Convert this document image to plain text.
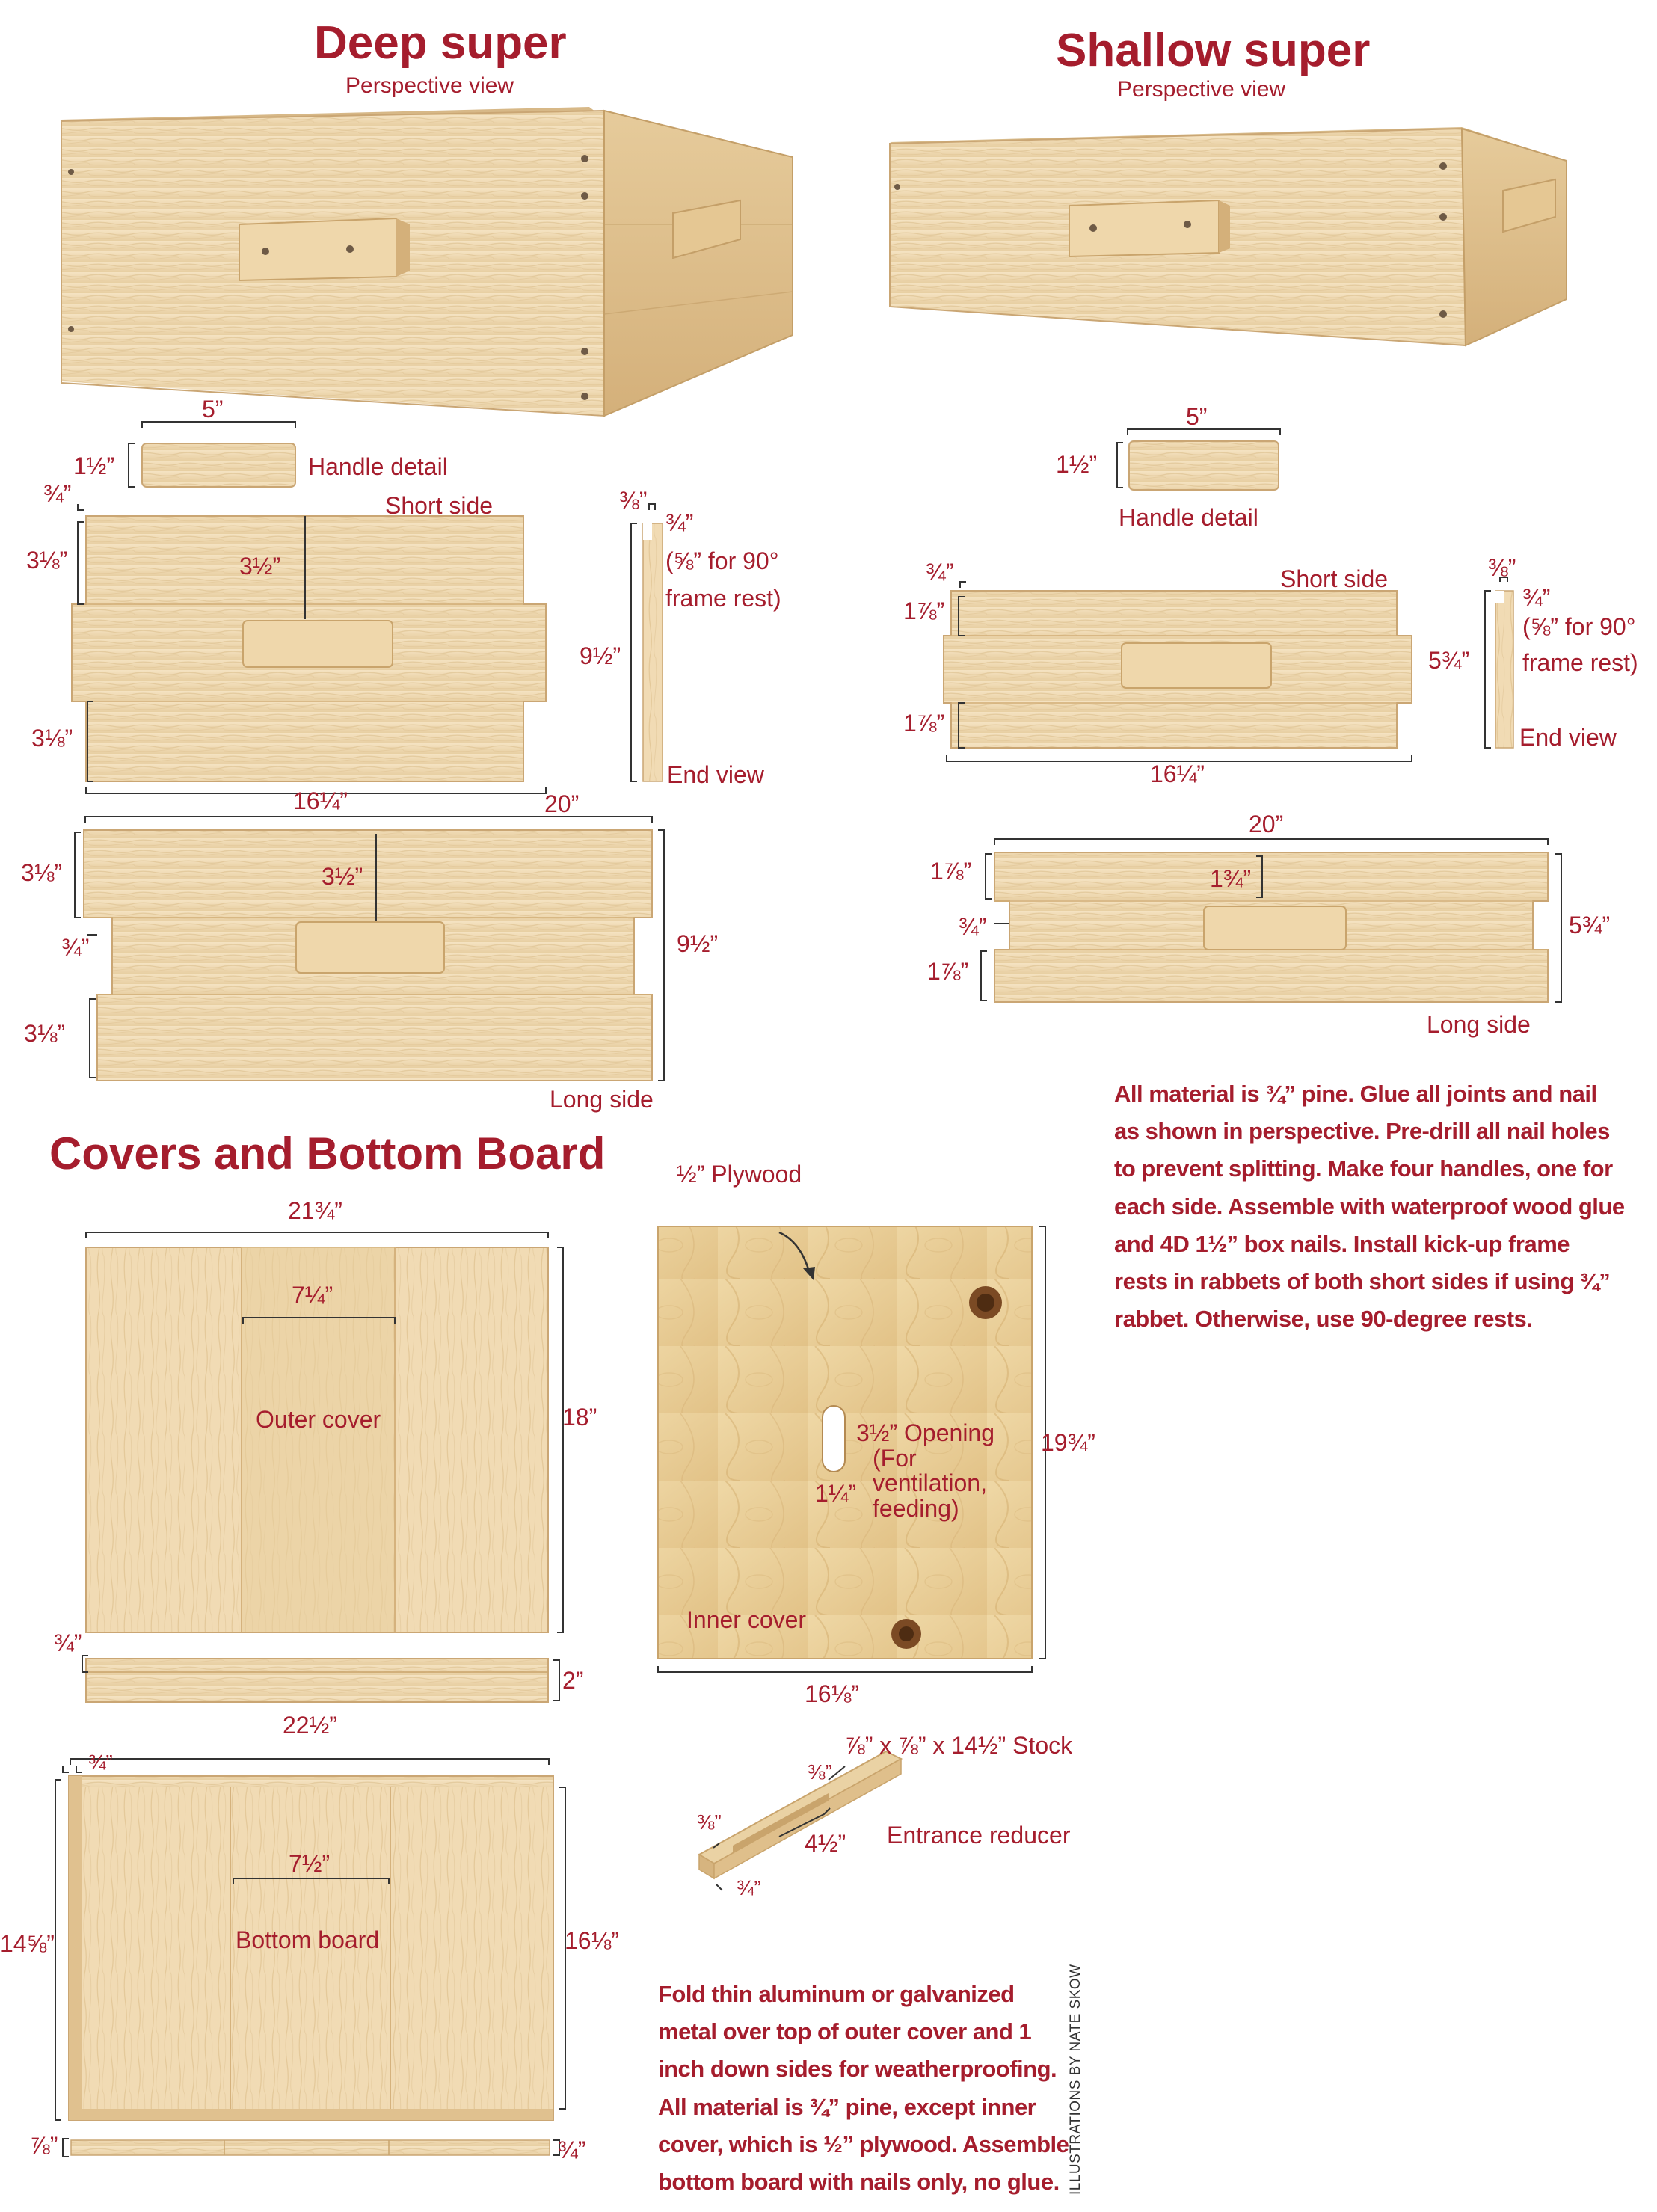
Deep super
Perspective view
Shallow super
Perspective view
5”
1½”	Handle detail
¾”	Short side
3⅛”	3½”
3⅛”
16¼”
⅜”
¾”
(⅝” for 90°
frame rest)
9½”
End view
20”
3⅛”	3½”
¾”	9½”
3⅛”
Long side
5”
1½”
Handle detail
¾”	Short side
1⅞”
1⅞”
16¼”
⅜”
¾”
(⅝” for 90°
frame rest)
5¾”
End view
20”
1⅞”	1¾”
¾”	5¾”
1⅞”
Long side

All material is ¾” pine. Glue all joints and nail

as shown in perspective. Pre-drill all nail holes

to prevent splitting. Make four handles, one for

each side. Assemble with waterproof wood glue

and 4D 1½” box nails. Install kick-up frame

rests in rabbets of both short sides if using ¾”

rabbet. Otherwise, use 90-degree rests.

Covers and Bottom Board
21¾”
7¼”
Outer cover	18”
¾”
2”
½” Plywood
3½” Opening
(For
ventilation,
feeding)
1¼”
19¾”
Inner cover
16⅛”
22½”
¾”
7½”
14⅝”	Bottom board	16⅛”
⅞”	¾”
⅞” x ⅞” x 14½” Stock
⅜”
Entrance reducer
⅜”
4½”
¾”

Fold thin aluminum or galvanized

metal over top of outer cover and 1

inch down sides for weatherproofing.

All material is ¾” pine, except inner

cover, which is ½” plywood. Assemble

bottom board with nails only, no glue. ILLUSTRATIONS BY NATE SKOW
